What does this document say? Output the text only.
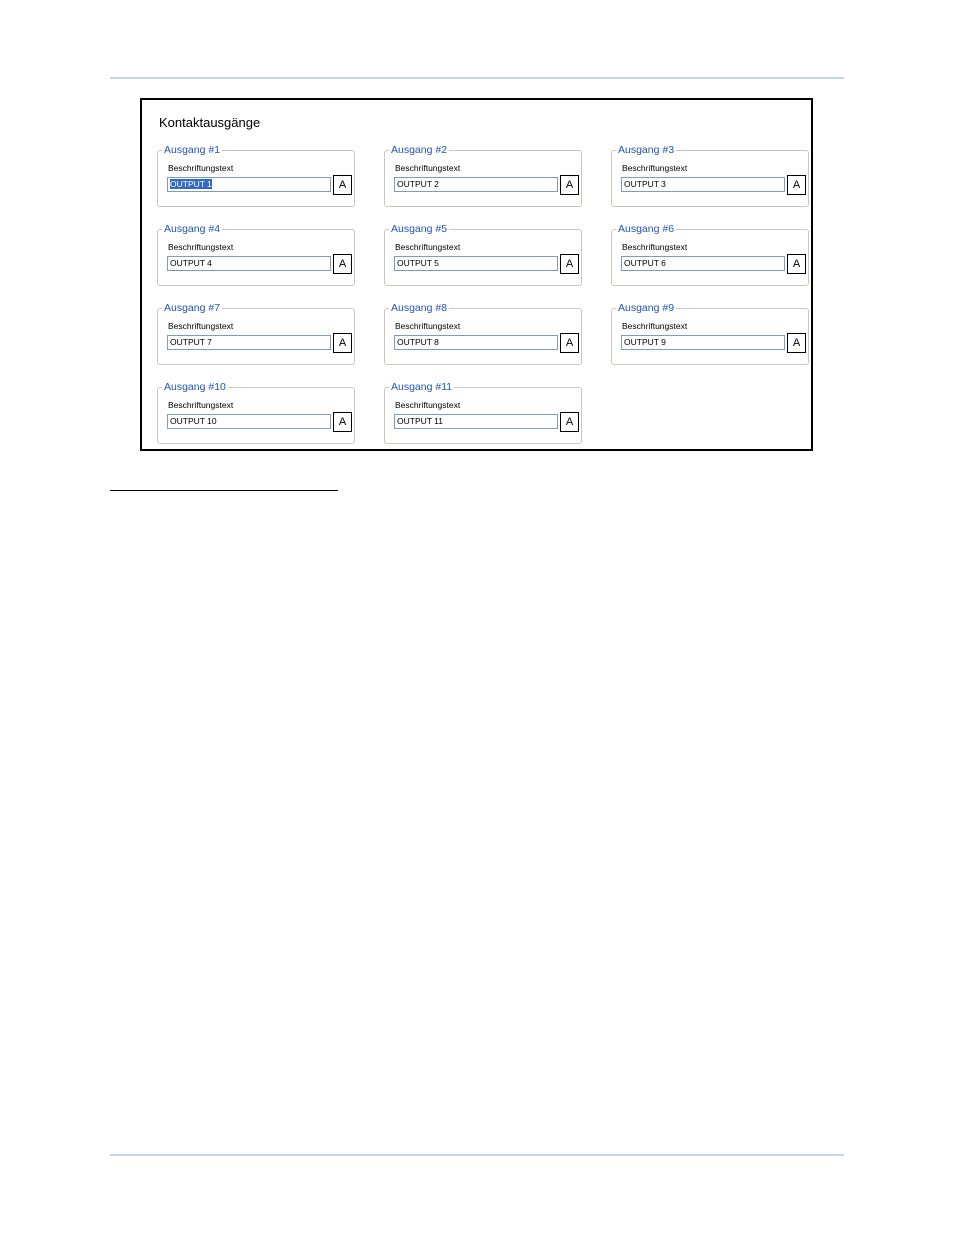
Kontaktausgänge
Ausgang #1
Beschriftungstext
OUTPUT 1	A
Ausgang #2
Beschriftungstext
OUTPUT 2	A
Ausgang #3
Beschriftungstext
OUTPUT 3	A
Ausgang #4
Beschriftungstext
OUTPUT 4	A
Ausgang #5
Beschriftungstext
OUTPUT 5	A
Ausgang #6
Beschriftungstext
OUTPUT 6	A
Ausgang #7
Beschriftungstext
OUTPUT 7	A
Ausgang #8
Beschriftungstext
OUTPUT 8	A
Ausgang #9
Beschriftungstext
OUTPUT 9	A
Ausgang #10
Beschriftungstext
OUTPUT 10	A
Ausgang #11
Beschriftungstext
OUTPUT 11	A
